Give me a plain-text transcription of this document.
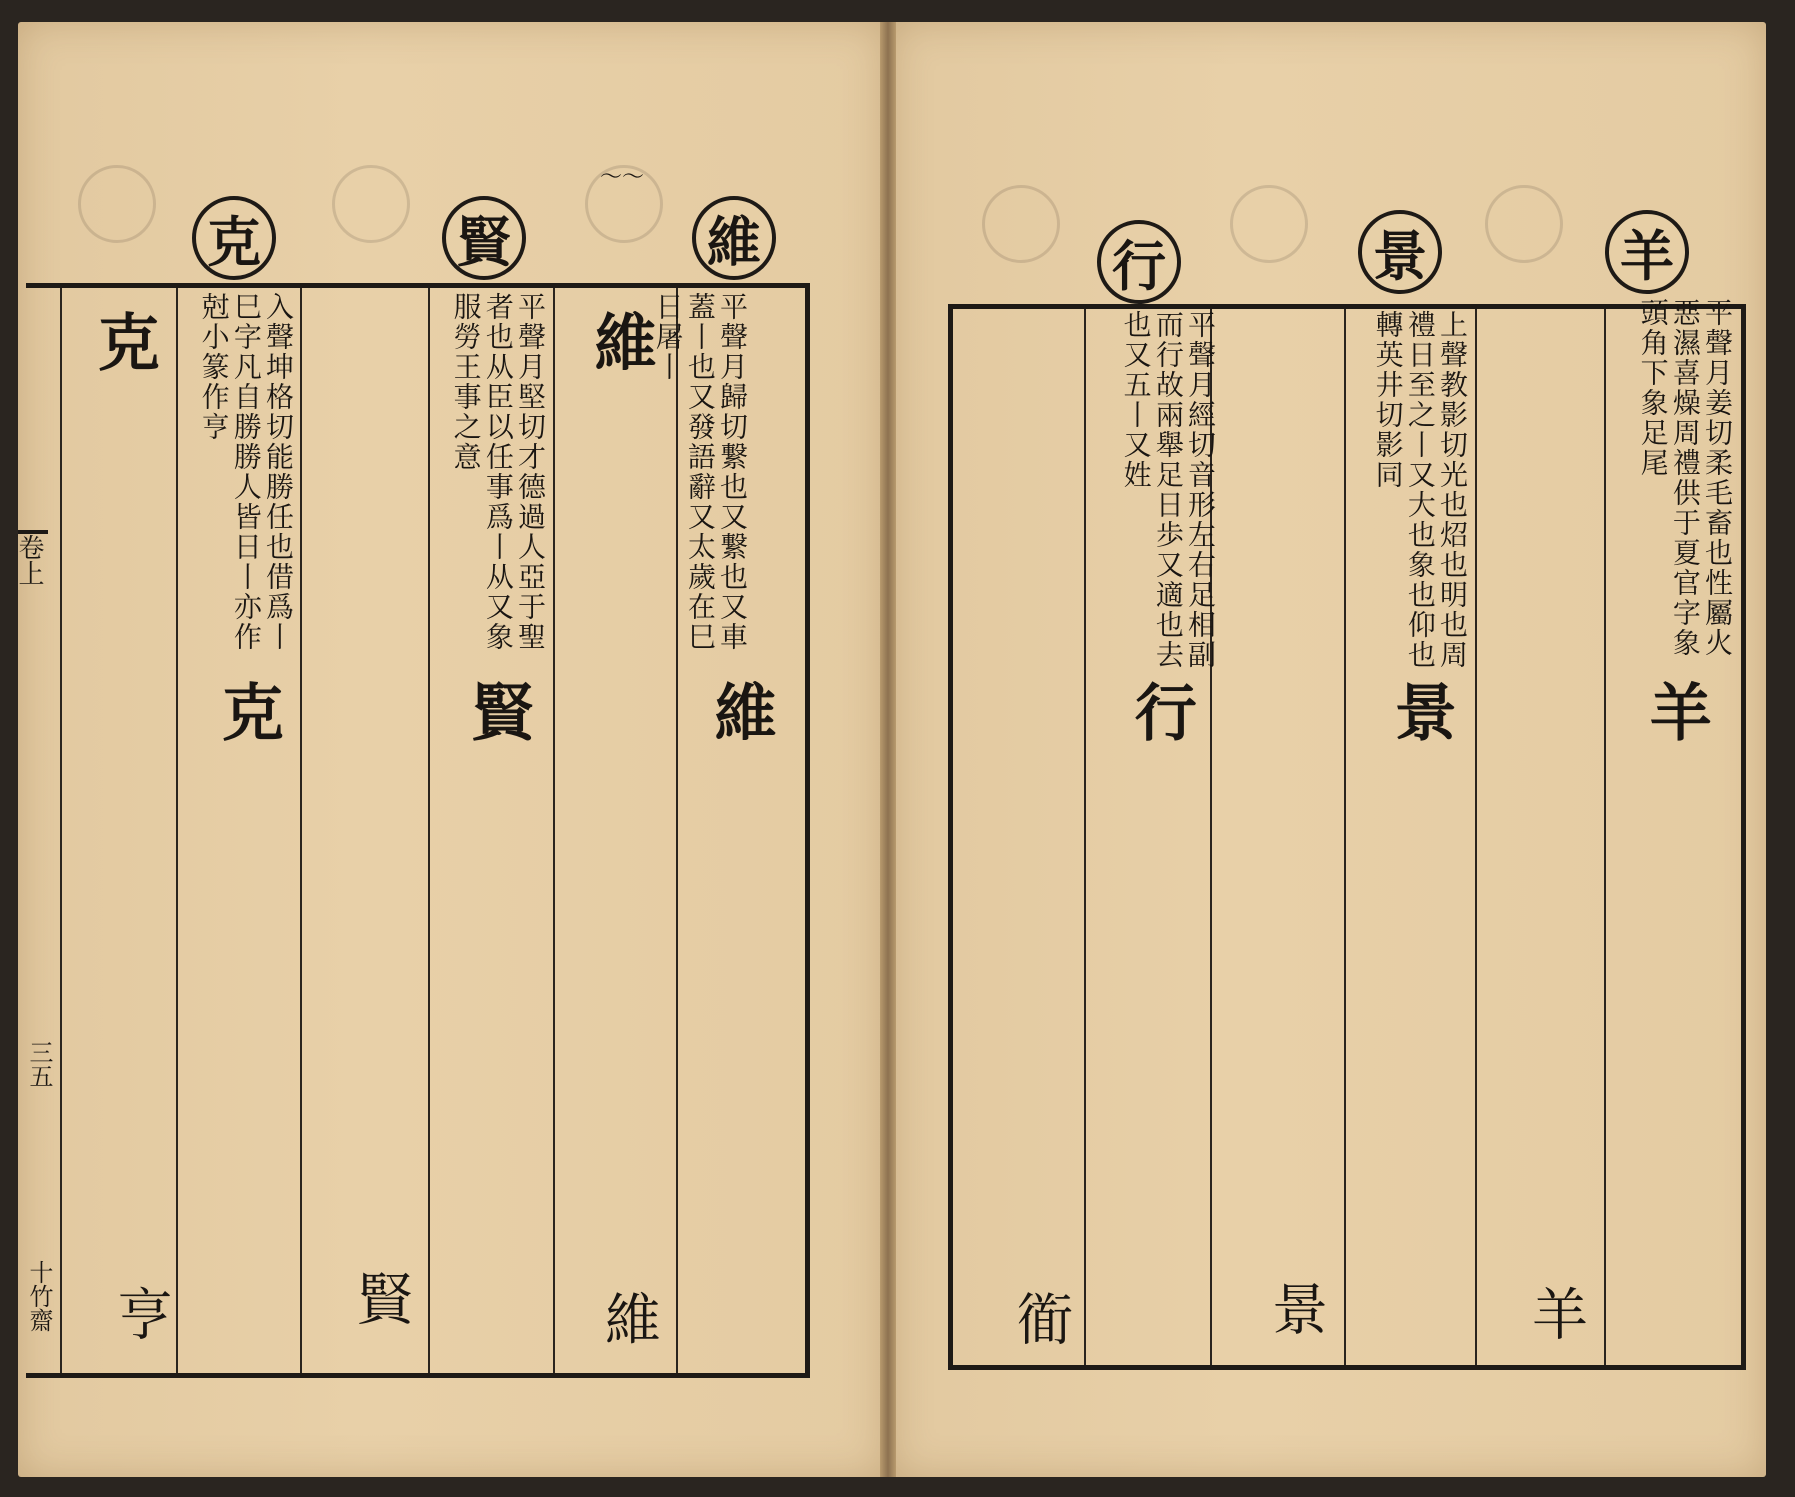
維
賢
克
〜〜
平聲月歸切繋也又繋也又車蓋丨也又發語辭又太歲在巳日屠丨
平聲月堅切才德過人亞于聖者也从臣以任事爲丨从又象服勞王事之意
入聲坤格切能勝任也借爲丨巳字凡自勝勝人皆日丨亦作尅小篆作亨
維
維
賢
克
克
維
賢
亨
卷上
三五
十竹齋
羊
景
行
平聲月姜切柔毛畜也性屬火惡濕喜燥周禮供于夏官字象頭角下象足尾
上聲教影切光也炤也明也周禮日至之丨又大也象也仰也轉英井切影同
平聲月經切音形左右足相副而行故兩舉足日歩又適也去也又五丨又姓
羊
景
行
羊
景
衜
